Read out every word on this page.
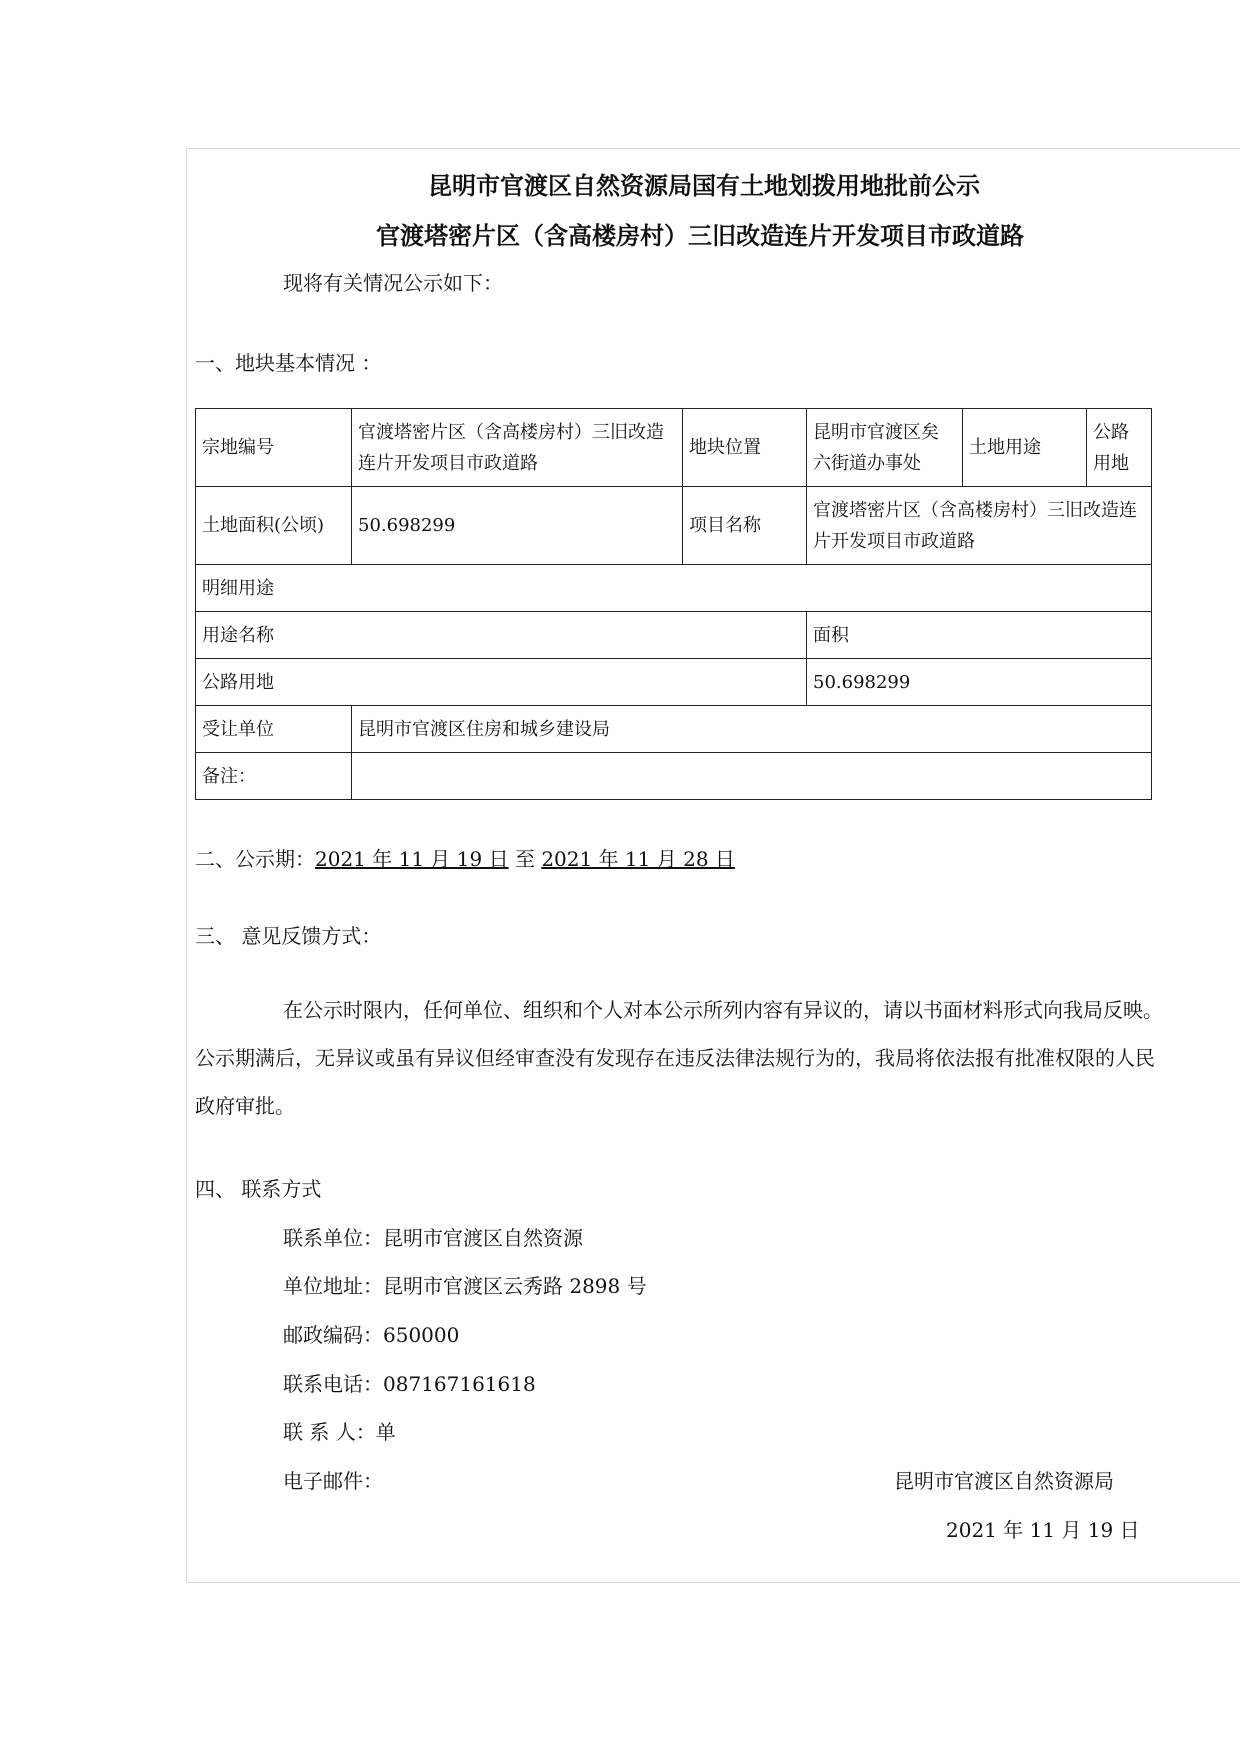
昆明市官渡区自然资源局国有土地划拨用地批前公示
官渡塔密片区（含高楼房村）三旧改造连片开发项目市政道路
现将有关情况公示如下：
一、地块基本情况 ：
宗地编号	官渡塔密片区（含高楼房村）三旧改造连片开发项目市政道路	地块位置	昆明市官渡区矣六街道办事处	土地用途	公路用地
土地面积(公顷)	50.698299	项目名称	官渡塔密片区（含高楼房村）三旧改造连片开发项目市政道路		
明细用途					
用途名称			面积		
公路用地			50.698299		
受让单位	昆明市官渡区住房和城乡建设局				
备注：					
二、公示期：2021 年 11 月 19 日 至 2021 年 11 月 28 日
三、 意见反馈方式：
在公示时限内，任何单位、组织和个人对本公示所列内容有异议的，请以书面材料形式向我局反映。公示期满后，无异议或虽有异议但经审查没有发现存在违反法律法规行为的，我局将依法报有批准权限的人民政府审批。
四、 联系方式
联系单位：昆明市官渡区自然资源
单位地址：昆明市官渡区云秀路 2898 号
邮政编码：650000
联系电话：087167161618
联 系 人：单
电子邮件：	昆明市官渡区自然资源局
2021 年 11 月 19 日
